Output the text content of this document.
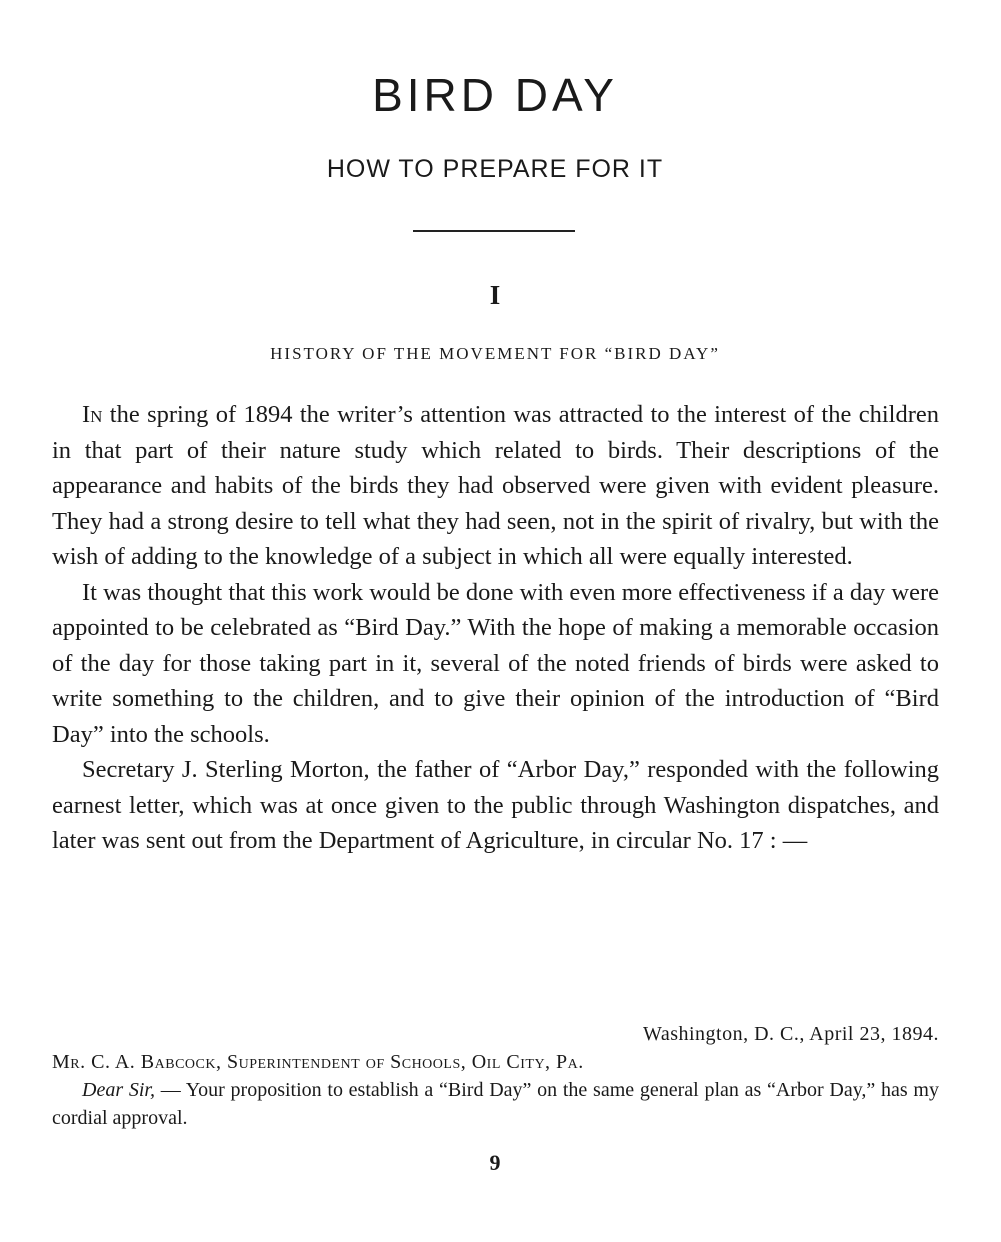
BIRD DAY
HOW TO PREPARE FOR IT
I
HISTORY OF THE MOVEMENT FOR “BIRD DAY”

In the spring of 1894 the writer’s attention was attracted to the interest of the children in that part of their nature study which related to birds. Their descriptions of the appearance and habits of the birds they had observed were given with evident pleasure. They had a strong desire to tell what they had seen, not in the spirit of rivalry, but with the wish of adding to the knowledge of a subject in which all were equally interested.

It was thought that this work would be done with even more effectiveness if a day were appointed to be celebrated as “Bird Day.” With the hope of making a memorable occasion of the day for those taking part in it, several of the noted friends of birds were asked to write something to the children, and to give their opinion of the introduction of “Bird Day” into the schools.

Secretary J. Sterling Morton, the father of “Arbor Day,” responded with the following earnest letter, which was at once given to the public through Washington dispatches, and later was sent out from the Department of Agriculture, in circular No. 17 : —

Washington, D. C., April 23, 1894.

Mr. C. A. Babcock, Superintendent of Schools, Oil City, Pa.

Dear Sir, — Your proposition to establish a “Bird Day” on the same general plan as “Arbor Day,” has my cordial approval.

9
